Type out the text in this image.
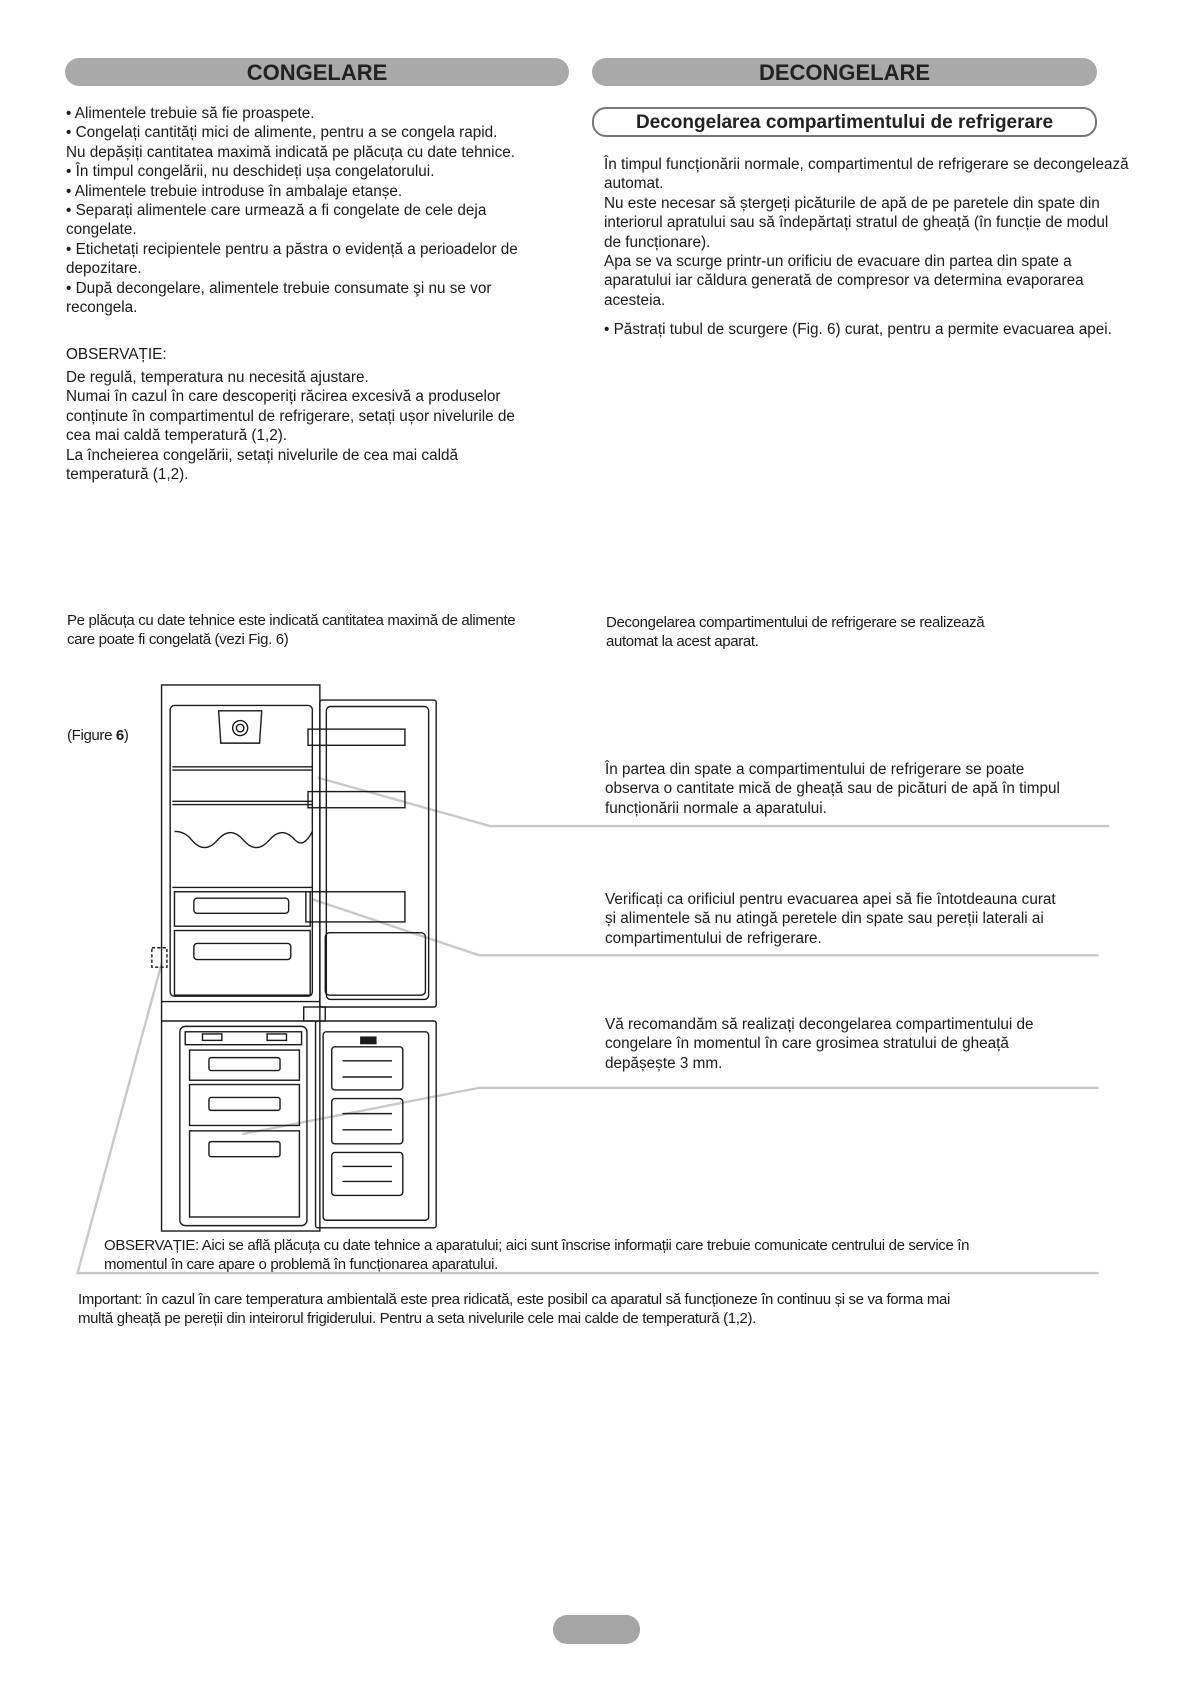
CONGELARE	DECONGELARE
Decongelarea compartimentului de refrigerare
• Alimentele trebuie să fie proaspete.
• Congelați cantități mici de alimente, pentru a se congela rapid.
Nu depășiți cantitatea maximă indicată pe plăcuța cu date tehnice.
• În timpul congelării, nu deschideți ușa congelatorului.
• Alimentele trebuie introduse în ambalaje etanșe.
• Separați alimentele care urmează a fi congelate de cele deja
congelate.
• Etichetați recipientele pentru a păstra o evidență a perioadelor de
depozitare.
• După decongelare, alimentele trebuie consumate şi nu se vor
recongela.
OBSERVAȚIE:
De regulă, temperatura nu necesită ajustare.
Numai în cazul în care descoperiți răcirea excesivă a produselor
conținute în compartimentul de refrigerare, setați ușor nivelurile de
cea mai caldă temperatură (1,2).
La încheierea congelării, setați nivelurile de cea mai caldă
temperatură (1,2).
În timpul funcționării normale, compartimentul de refrigerare se decongelează
automat.
Nu este necesar să ștergeți picăturile de apă de pe paretele din spate din
interiorul apratului sau să îndepărtați stratul de gheață (în funcție de modul
de funcționare).
Apa se va scurge printr-un orificiu de evacuare din partea din spate a
aparatului iar căldura generată de compresor va determina evaporarea
acesteia.
• Păstrați tubul de scurgere (Fig. 6) curat, pentru a permite evacuarea apei.
Pe plăcuța cu date tehnice este indicată cantitatea maximă de alimente
care poate fi congelată (vezi Fig. 6)
Decongelarea compartimentului de refrigerare se realizează
automat la acest aparat.

(Figure 6)

În partea din spate a compartimentului de refrigerare se poate
observa o cantitate mică de gheață sau de picături de apă în timpul
funcționării normale a aparatului.
Verificați ca orificiul pentru evacuarea apei să fie întotdeauna curat
și alimentele să nu atingă peretele din spate sau pereții laterali ai
compartimentului de refrigerare.
Vă recomandăm să realizați decongelarea compartimentului de
congelare în momentul în care grosimea stratului de gheață
depășește 3 mm.
OBSERVAȚIE: Aici se află plăcuța cu date tehnice a aparatului; aici sunt înscrise informații care trebuie comunicate centrului de service în
momentul în care apare o problemă în funcționarea aparatului.
Important: în cazul în care temperatura ambientală este prea ridicată, este posibil ca aparatul să funcționeze în continuu și se va forma mai
multă gheață pe pereții din inteirorul frigiderului. Pentru a seta nivelurile cele mai calde de temperatură (1,2).
